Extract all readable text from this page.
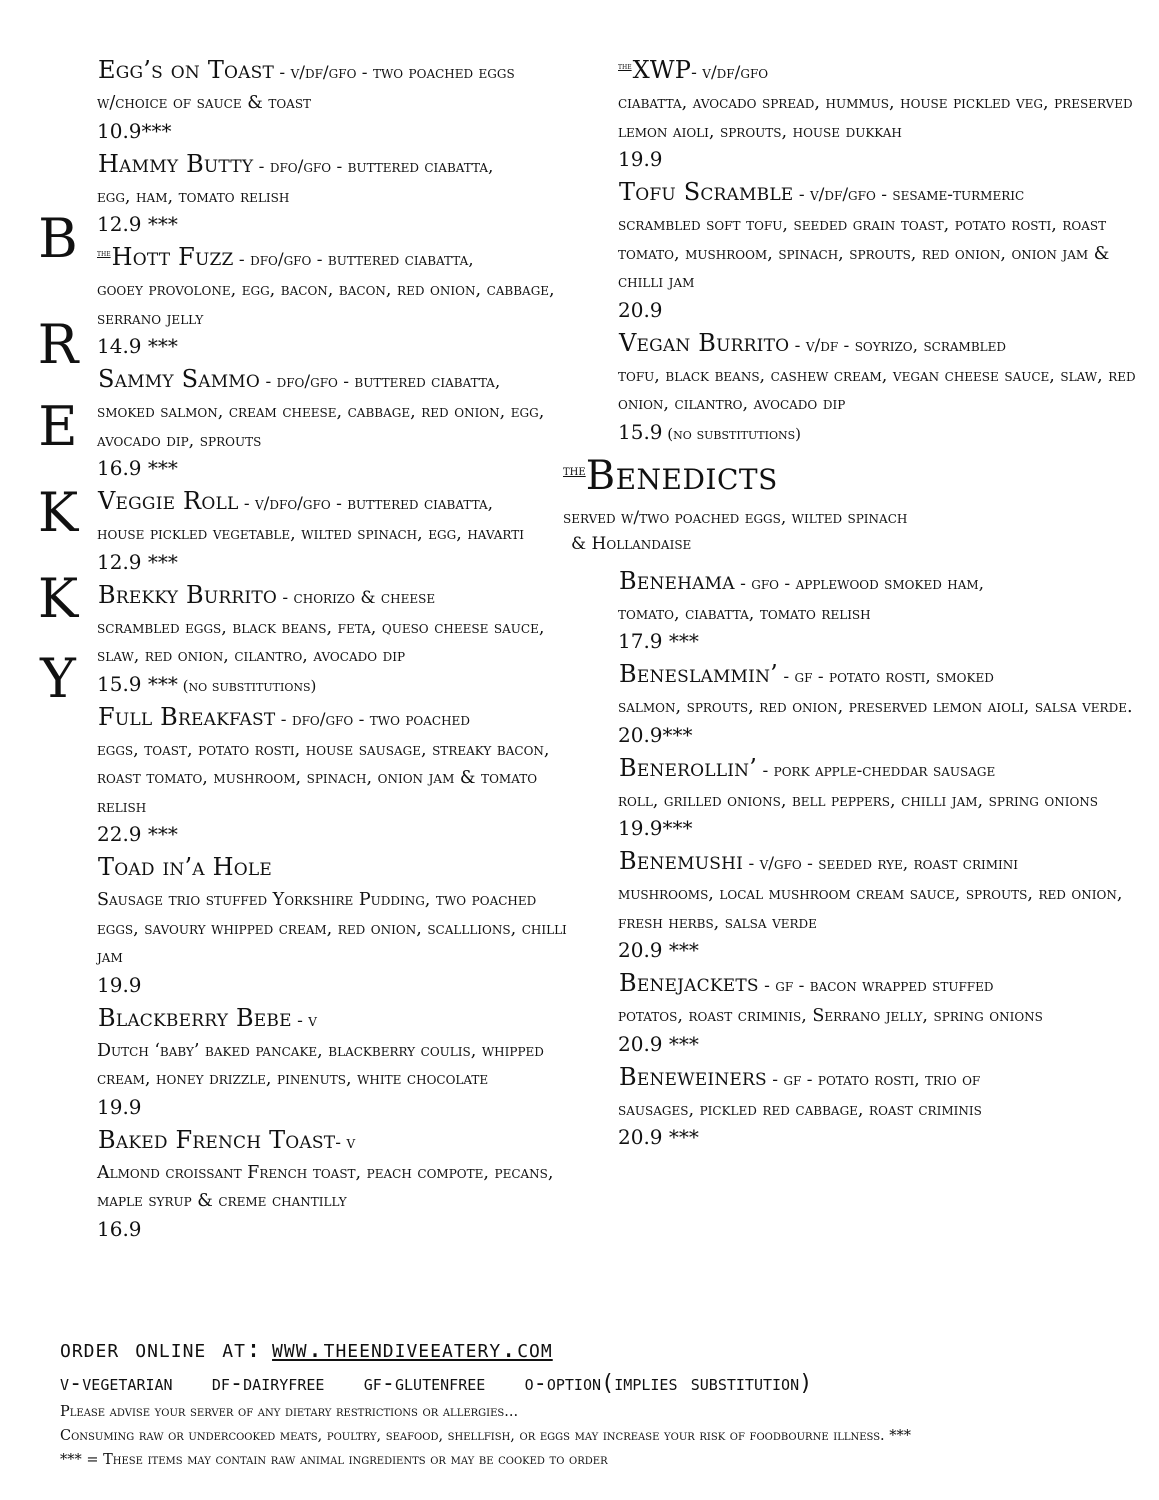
B
R
E
K
K
Y
Egg’s on Toast - v/df/gfo - two poached eggs
w/choice of sauce & toast
10.9***
Hammy Butty - dfo/gfo - buttered ciabatta,
egg, ham, tomato relish
12.9 ***
$^{the}$Hott Fuzz - dfo/gfo - buttered ciabatta,
gooey provolone, egg, bacon, bacon, red onion, cabbage, serrano jelly
14.9 ***
Sammy Sammo - dfo/gfo - buttered ciabatta,
smoked salmon, cream cheese, cabbage, red onion, egg, avocado dip, sprouts
16.9 ***
Veggie Roll - v/dfo/gfo - buttered ciabatta,
house pickled vegetable, wilted spinach, egg, havarti
12.9 ***
Brekky Burrito - chorizo & cheese
scrambled eggs, black beans, feta, queso cheese sauce, slaw, red onion, cilantro, avocado dip
15.9 *** (no substitutions)
Full Breakfast - dfo/gfo - two poached
eggs, toast, potato rosti, house sausage, streaky bacon, roast tomato, mushroom, spinach, onion jam & tomato relish
22.9 ***
Toad in’a Hole
Sausage trio stuffed Yorkshire Pudding, two poached eggs, savoury whipped cream, red onion, scalllions, chilli jam
19.9
Blackberry Bebe - v
Dutch ‘baby’ baked pancake, blackberry coulis, whipped cream, honey drizzle, pinenuts, white chocolate
19.9
Baked French Toast- v
Almond croissant French toast, peach compote, pecans, maple syrup & creme chantilly
16.9
$^{the}$XWP- v/df/gfo
ciabatta, avocado spread, hummus, house pickled veg, preserved lemon aioli, sprouts, house dukkah
19.9
Tofu Scramble - v/df/gfo - sesame-turmeric
scrambled soft tofu, seeded grain toast, potato rosti, roast tomato, mushroom, spinach, sprouts, red onion, onion jam & chilli jam
20.9
Vegan Burrito - v/df - soyrizo, scrambled
tofu, black beans, cashew cream, vegan cheese sauce, slaw, red onion, cilantro, avocado dip
15.9 (no substitutions)
theBenedicts
served w/two poached eggs, wilted spinach
& Hollandaise
Benehama - gfo - applewood smoked ham,
tomato, ciabatta, tomato relish
17.9 ***
Beneslammin’ - gf - potato rosti, smoked
salmon, sprouts, red onion, preserved lemon aioli, salsa verde.
20.9***
Benerollin’ - pork apple-cheddar sausage
roll, grilled onions, bell peppers, chilli jam, spring onions
19.9***
Benemushi - v/gfo - seeded rye, roast crimini
mushrooms, local mushroom cream sauce, sprouts, red onion, fresh herbs, salsa verde
20.9 ***
Benejackets - gf - bacon wrapped stuffed
potatos, roast criminis, Serrano jelly, spring onions
20.9 ***
Beneweiners - gf - potato rosti, trio of
sausages, pickled red cabbage, roast criminis
20.9 ***
order online at: www.theendiveeatery.com
v-vegetarian df-dairyfree gf-glutenfree o-option(implies substitution)
Please advise your server of any dietary restrictions or allergies...
Consuming raw or undercooked meats, poultry, seafood, shellfish, or eggs may increase your risk of foodbourne illness. ***
*** = These items may contain raw animal ingredients or may be cooked to order
